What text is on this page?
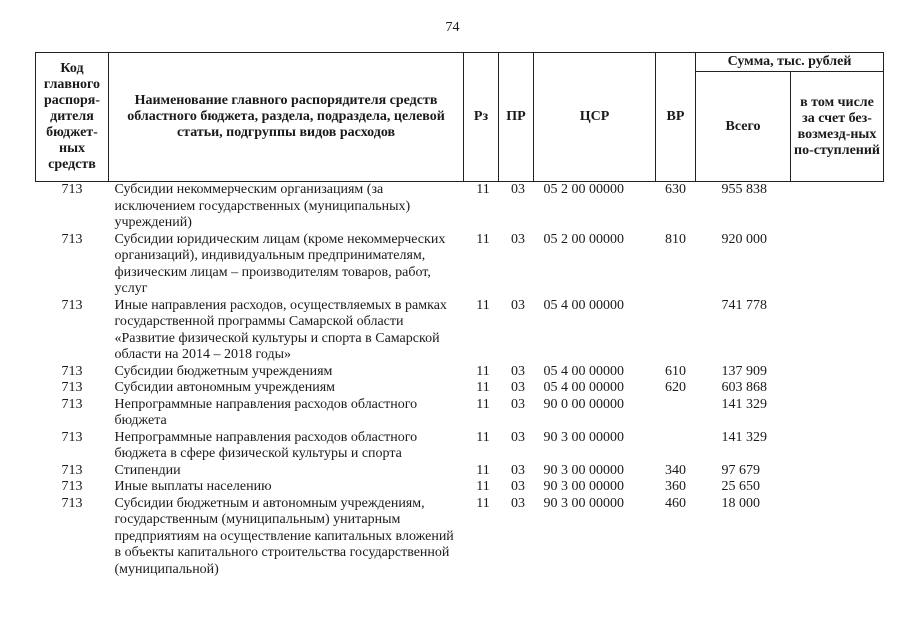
74
Код главного распоря-дителя бюджет-ных средств	Наименование главного распорядителя средств областного бюджета, раздела, подраздела, целевой статьи, подгруппы видов расходов	Рз	ПР	ЦСР	ВР	Сумма, тыс. рублей	
						Всего	в том числе за счет без-возмезд-ных по-ступлений
713	Субсидии некоммерческим организациям (за исключением государственных (муниципальных) учреждений)	11	03	05 2 00 00000	630	955 838	
713	Субсидии юридическим лицам (кроме некоммерческих организаций), индивидуальным предпринимателям, физическим лицам – производителям товаров, работ, услуг	11	03	05 2 00 00000	810	920 000	
713	Иные направления расходов, осуществляемых в рамках государственной программы Самарской области «Развитие физической культуры и спорта в Самарской области на 2014 – 2018 годы»	11	03	05 4 00 00000		741 778	
713	Субсидии бюджетным учреждениям	11	03	05 4 00 00000	610	137 909	
713	Субсидии автономным учреждениям	11	03	05 4 00 00000	620	603 868	
713	Непрограммные направления расходов областного бюджета	11	03	90 0 00 00000		141 329	
713	Непрограммные направления расходов областного бюджета в сфере физической культуры и спорта	11	03	90 3 00 00000		141 329	
713	Стипендии	11	03	90 3 00 00000	340	97 679	
713	Иные выплаты населению	11	03	90 3 00 00000	360	25 650	
713	Субсидии бюджетным и автономным учреждениям, государственным (муниципальным) унитарным предприятиям на осуществление капитальных вложений в объекты капитального строительства государственной (муниципальной)	11	03	90 3 00 00000	460	18 000	
